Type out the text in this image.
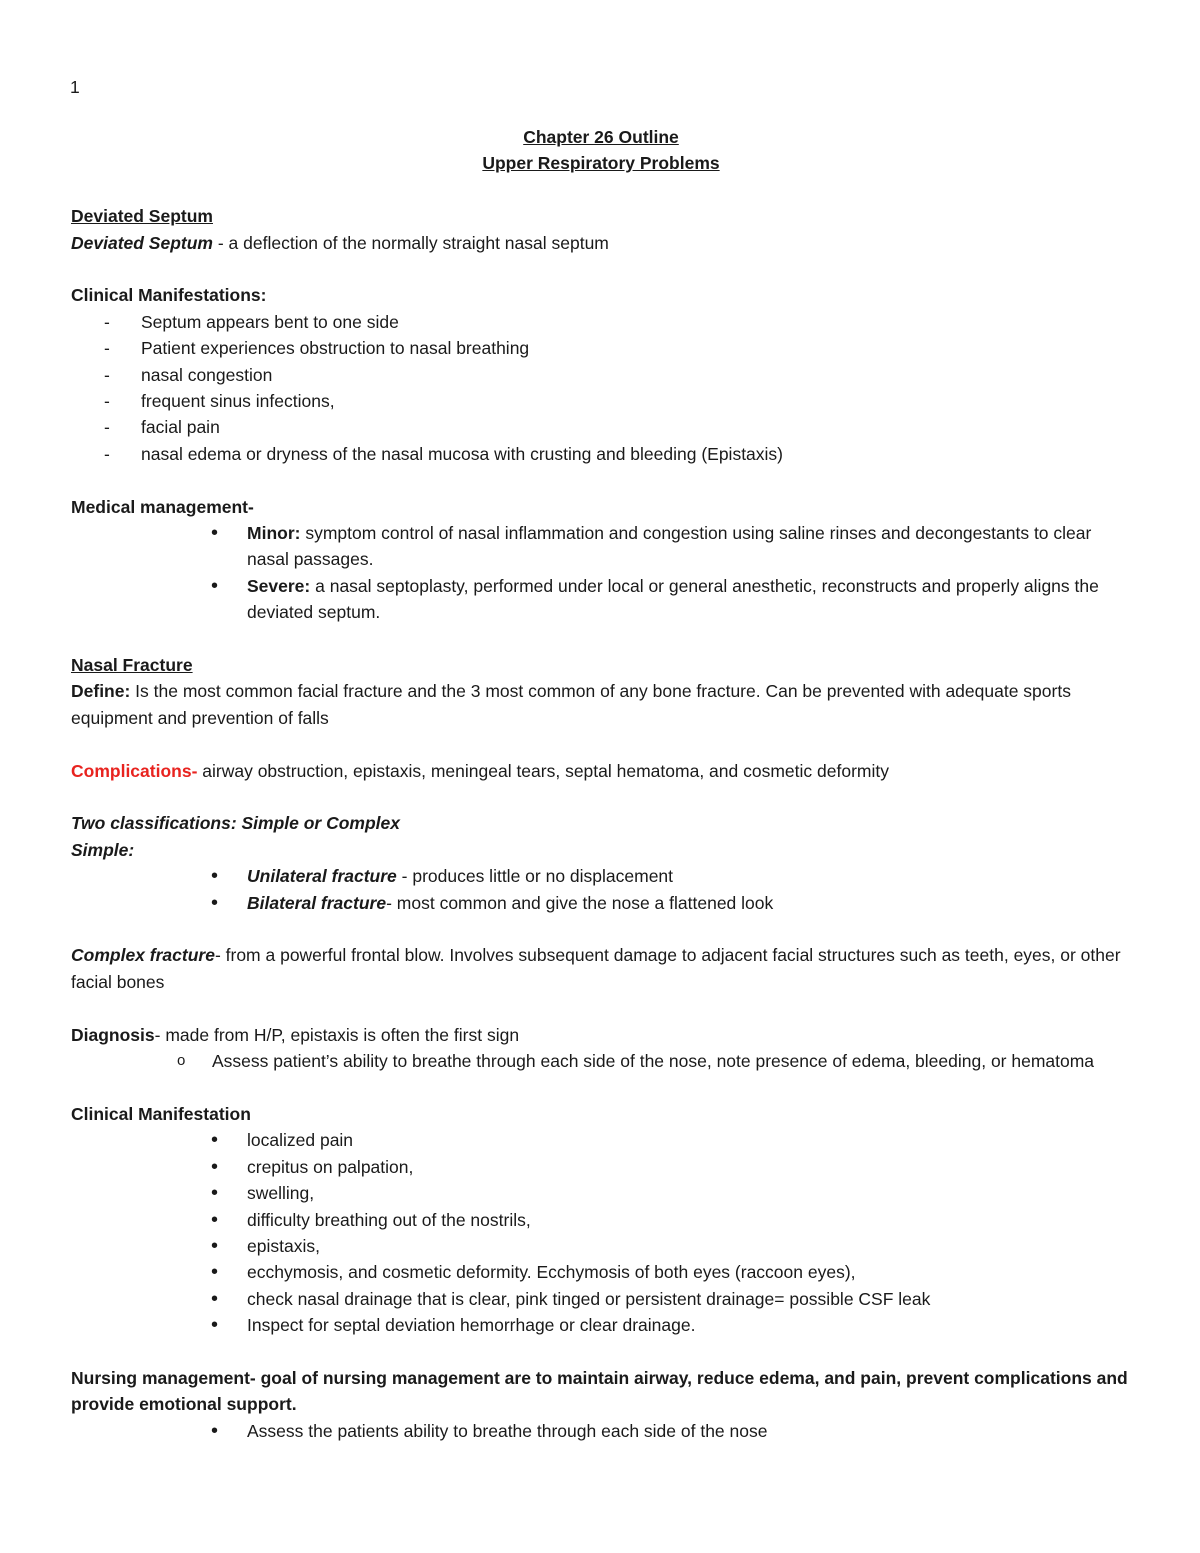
1

Chapter 26 Outline

Upper Respiratory Problems

Deviated Septum

Deviated Septum - a deflection of the normally straight nasal septum

Clinical Manifestations:

- Septum appears bent to one side
- Patient experiences obstruction to nasal breathing
- nasal congestion
- frequent sinus infections,
- facial pain
- nasal edema or dryness of the nasal mucosa with crusting and bleeding (Epistaxis)

Medical management-

• Minor: symptom control of nasal inflammation and congestion using saline rinses and decongestants to clear nasal passages.
• Severe: a nasal septoplasty, performed under local or general anesthetic, reconstructs and properly aligns the deviated septum.

Nasal Fracture

Define: Is the most common facial fracture and the 3 most common of any bone fracture. Can be prevented with adequate sports equipment and prevention of falls

Complications- airway obstruction, epistaxis, meningeal tears, septal hematoma, and cosmetic deformity

Two classifications: Simple or Complex

Simple:

• Unilateral fracture - produces little or no displacement
• Bilateral fracture- most common and give the nose a flattened look

Complex fracture- from a powerful frontal blow. Involves subsequent damage to adjacent facial structures such as teeth, eyes, or other facial bones

Diagnosis- made from H/P, epistaxis is often the first sign

o Assess patient’s ability to breathe through each side of the nose, note presence of edema, bleeding, or hematoma

Clinical Manifestation

• localized pain
• crepitus on palpation,
• swelling,
• difficulty breathing out of the nostrils,
• epistaxis,
• ecchymosis, and cosmetic deformity. Ecchymosis of both eyes (raccoon eyes),
• check nasal drainage that is clear, pink tinged or persistent drainage= possible CSF leak
• Inspect for septal deviation hemorrhage or clear drainage.

Nursing management- goal of nursing management are to maintain airway, reduce edema, and pain, prevent complications and provide emotional support.

• Assess the patients ability to breathe through each side of the nose
